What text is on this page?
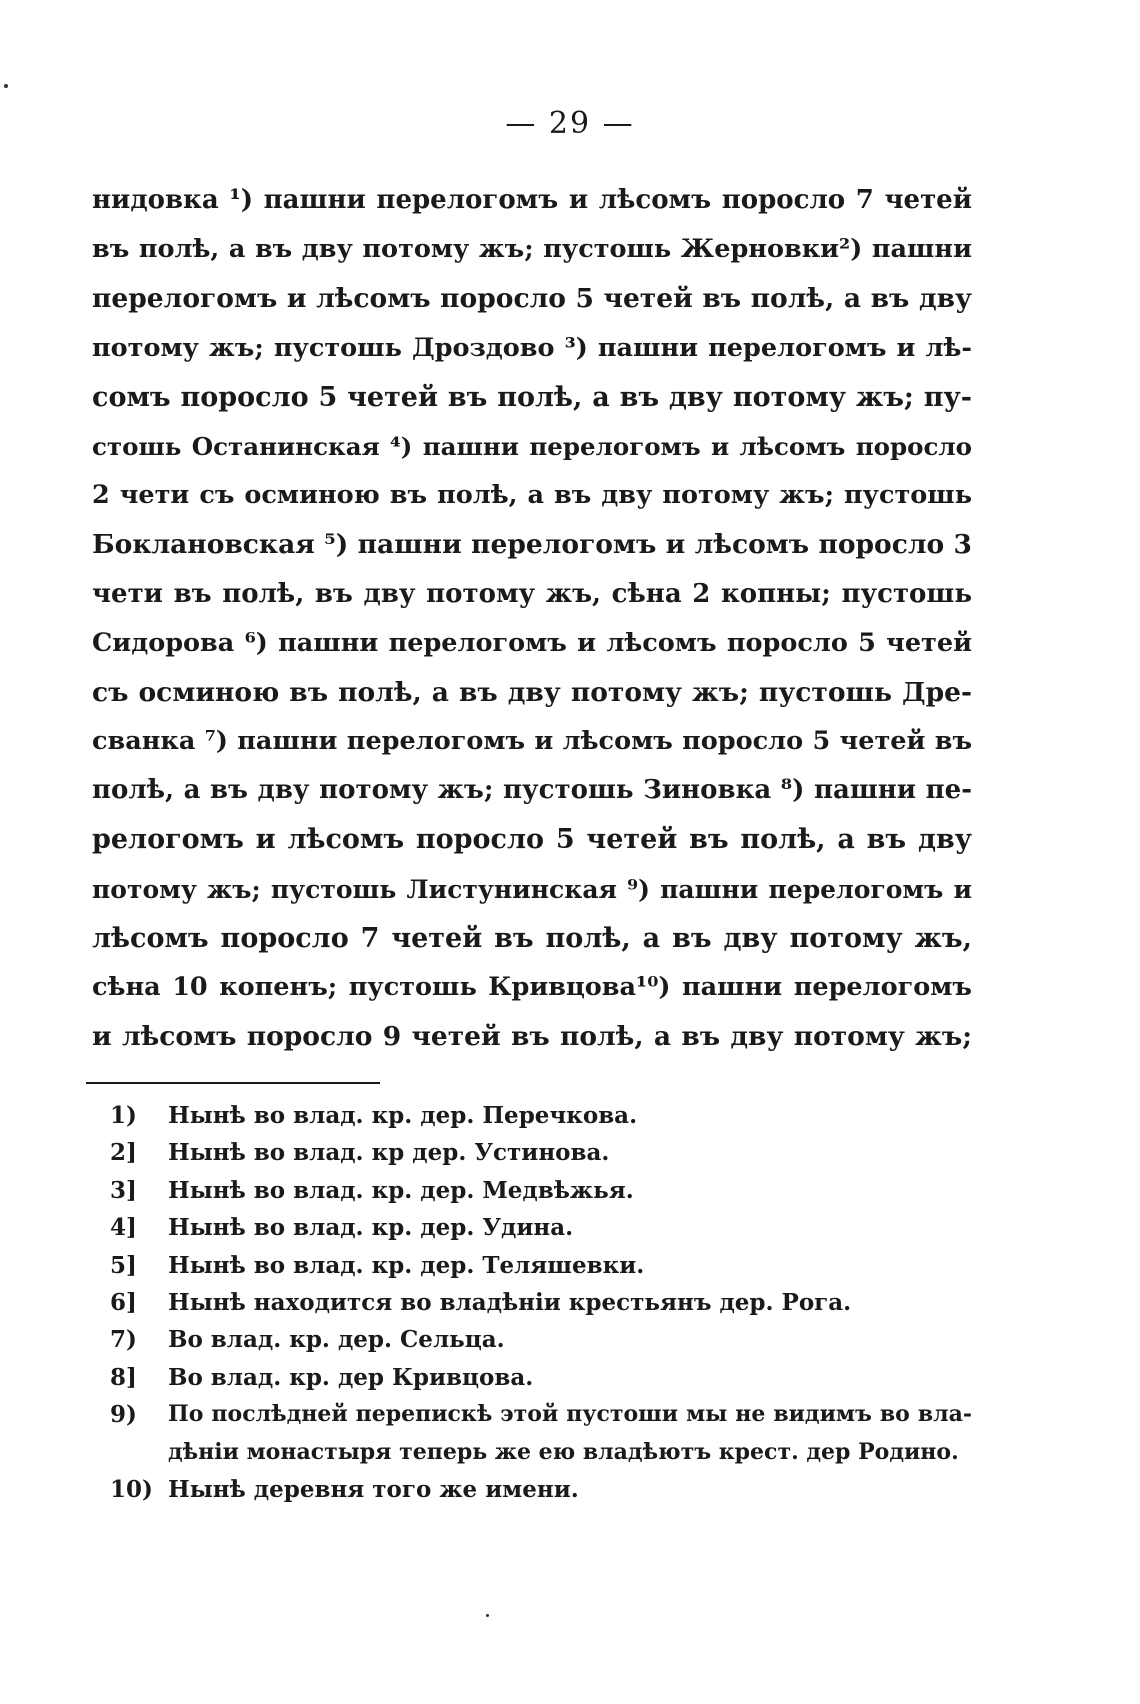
— 29 —
нидовка ¹) пашни перелогомъ и лѣсомъ поросло 7 четей
въ полѣ, а въ дву потому жъ; пустошь Жерновки²) пашни
перелогомъ и лѣсомъ поросло 5 четей въ полѣ, а въ дву
потому жъ; пустошь Дроздово ³) пашни перелогомъ и лѣ-
сомъ поросло 5 четей въ полѣ, а въ дву потому жъ; пу-
стошь Останинская ⁴) пашни перелогомъ и лѣсомъ поросло
2 чети съ осминою въ полѣ, а въ дву потому жъ; пустошь
Боклановская ⁵) пашни перелогомъ и лѣсомъ поросло 3
чети въ полѣ, въ дву потому жъ, сѣна 2 копны; пустошь
Сидорова ⁶) пашни перелогомъ и лѣсомъ поросло 5 четей
съ осминою въ полѣ, а въ дву потому жъ; пустошь Дре-
сванка ⁷) пашни перелогомъ и лѣсомъ поросло 5 четей въ
полѣ, а въ дву потому жъ; пустошь Зиновка ⁸) пашни пе-
релогомъ и лѣсомъ поросло 5 четей въ полѣ, а въ дву
потому жъ; пустошь Листунинская ⁹) пашни перелогомъ и
лѣсомъ поросло 7 четей въ полѣ, а въ дву потому жъ,
сѣна 10 копенъ; пустошь Кривцова¹⁰) пашни перелогомъ
и лѣсомъ поросло 9 четей въ полѣ, а въ дву потому жъ;
1)	Нынѣ во влад. кр. дер. Перечкова.
2]	Нынѣ во влад. кр дер. Устинова.
3]	Нынѣ во влад. кр. дер. Медвѣжья.
4]	Нынѣ во влад. кр. дер. Удина.
5]	Нынѣ во влад. кр. дер. Теляшевки.
6]	Нынѣ находится во владѣніи крестьянъ дер. Рога.
7)	Во влад. кр. дер. Сельца.
8]	Во влад. кр. дер Кривцова.
9)	По послѣдней перепискѣ этой пустоши мы не видимъ во вла-
дѣніи монастыря теперь же ею владѣютъ крест. дер Родино.
10) Нынѣ деревня того же имени.
